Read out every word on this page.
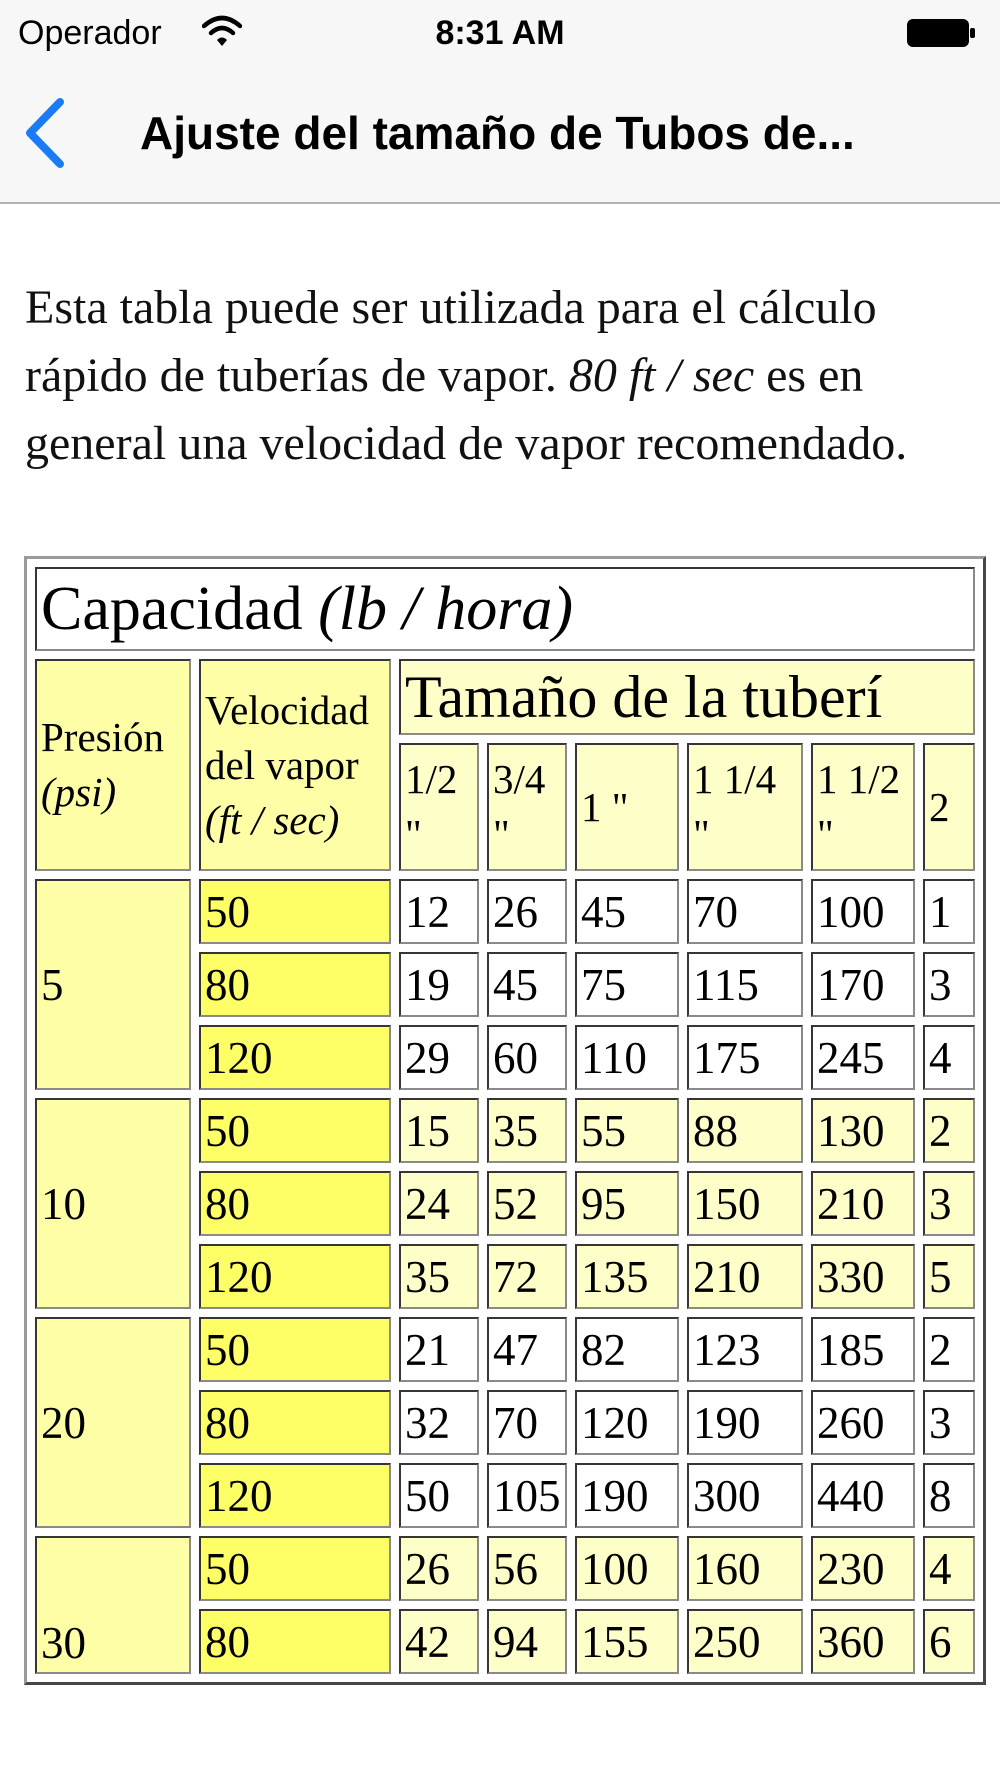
Operador	8:31 AM
Ajuste del tamaño de Tubos de...

Esta tabla puede ser utilizada para el cálculo rápido de tuberías de vapor. 80 ft / sec es en general una velocidad de vapor recomendado.

Capacidad (lb / hora)							
Presión
(psi)	Velocidad del vapor
(ft / sec)	Tamaño de la tuberí					
		1/2 "	3/4 "	1 "	1 1/4 "	1 1/2 "	2
5	50	12	26	45	70	100	1
	80	19	45	75	115	170	3
	120	29	60	110	175	245	4
10	50	15	35	55	88	130	2
	80	24	52	95	150	210	3
	120	35	72	135	210	330	5
20	50	21	47	82	123	185	2
	80	32	70	120	190	260	3
	120	50	105	190	300	440	8
30	50	26	56	100	160	230	4
	80	42	94	155	250	360	6
